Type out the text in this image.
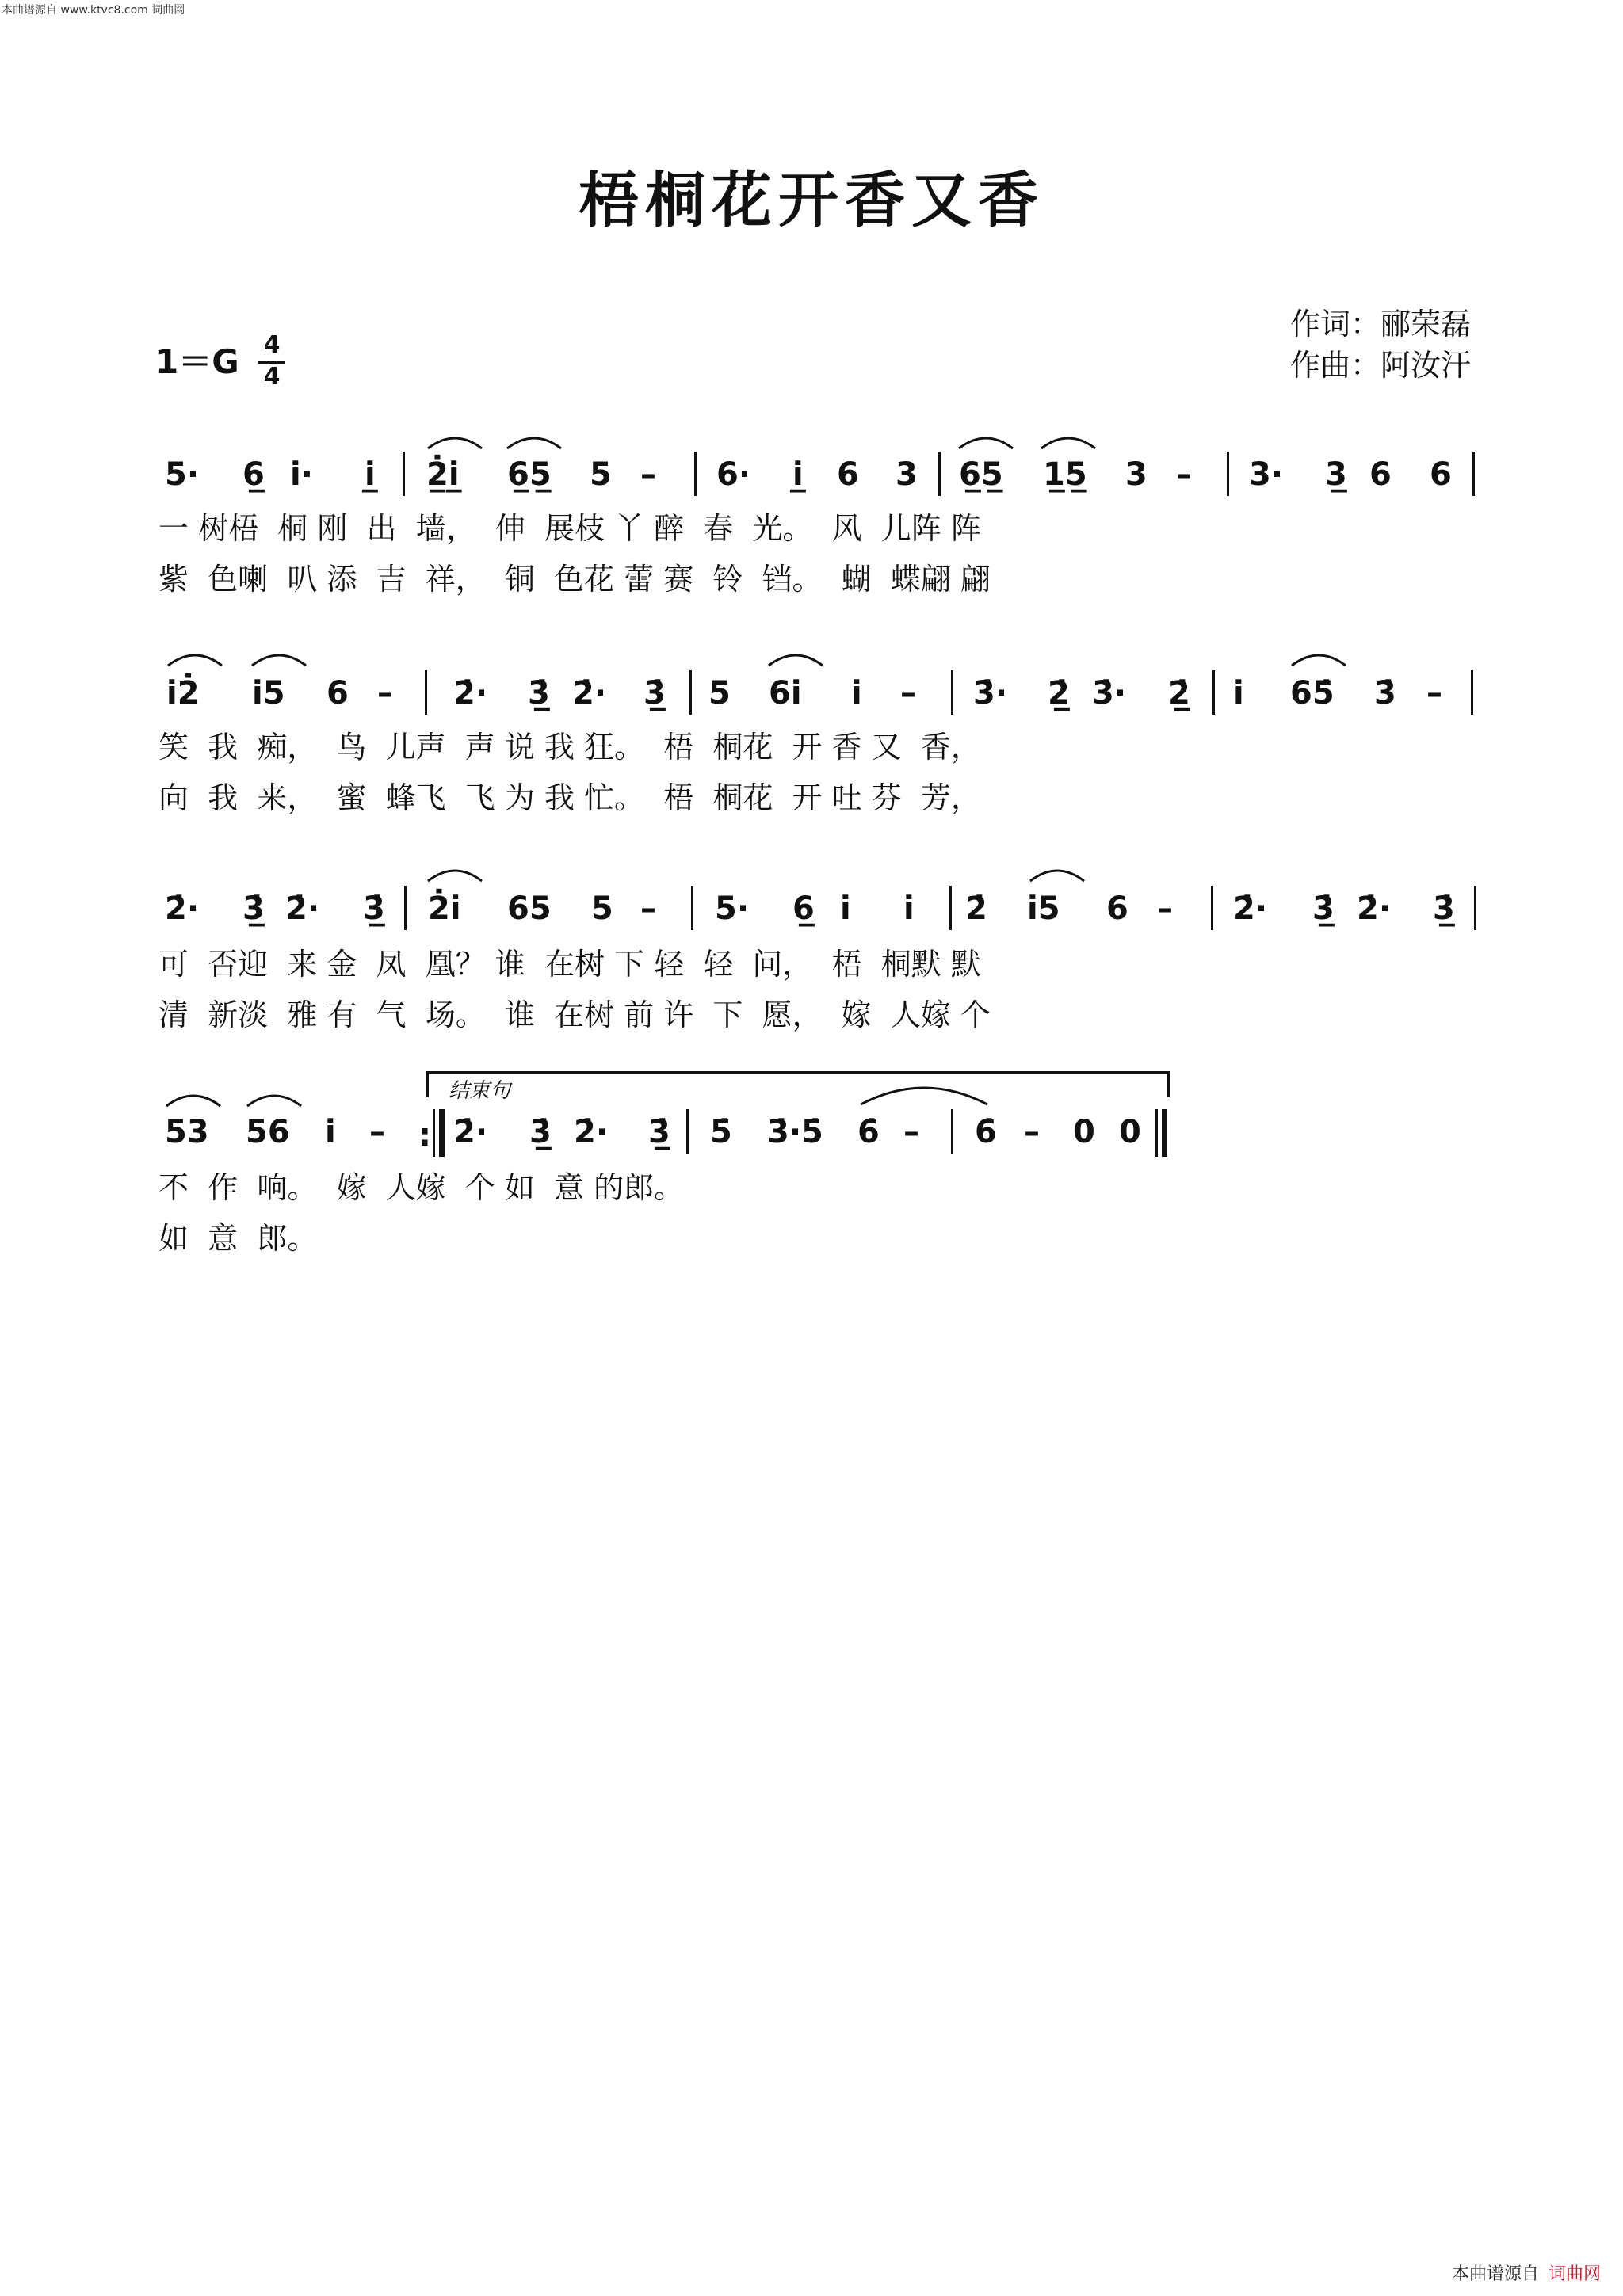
本曲谱源自 www.ktvc8.com 词曲网
梧桐花开香又香
作词：郦荣磊
作曲：阿汝汗
1＝G 4
4
5· 6̲ i̇· i̲̇ 2̲̇i̲̇ 6̲5̲ 5 – 6· i̲̇ 6 3 6̲5̲ 1̲5̲ 3 – 3· 3̲ 6 6
一 树梧  桐 刚  出  墙，  伸  展枝 丫 醉  春  光。  风  儿阵 阵
紫  色喇  叭 添  吉  祥，  铜  色花 蕾 赛  铃  铛。  蝴  蝶翩 翩
i̇2̇ i̇5 6 – 2̇· 3̲̇ 2̇· 3̲̇ 5 6i̇ i̇ – 3̇· 2̲̇ 3̇· 2̲̇ i̇ 65̇ 3̇ –
笑  我  痴，  鸟  儿声  声 说 我 狂。  梧  桐花  开 香 又  香，
向  我  来，  蜜  蜂飞  飞 为 我 忙。  梧  桐花  开 吐 芬  芳，
2̇· 3̲̇ 2̇· 3̲̇ 2̇i̇ 65 5 – 5· 6̲ i̇ i̇ 2̇ i̇5 6 – 2̇· 3̲̇ 2̇· 3̲̇
可  否迎  来 金  凤  凰？ 谁  在树 下 轻  轻  问，  梧  桐默 默
清  新淡  雅 有  气  场。  谁  在树 前 许  下  愿，  嫁  人嫁 个
53 56 i̇ – 2̇· 3̲̇ 2̇· 3̲̇ 5̇ 3̇·5̇ 6̇ – 6̇ – 0 0
:
结束句
不  作  响。  嫁  人嫁  个 如  意 的郎。
如  意  郎。
本曲谱源自 词曲网
